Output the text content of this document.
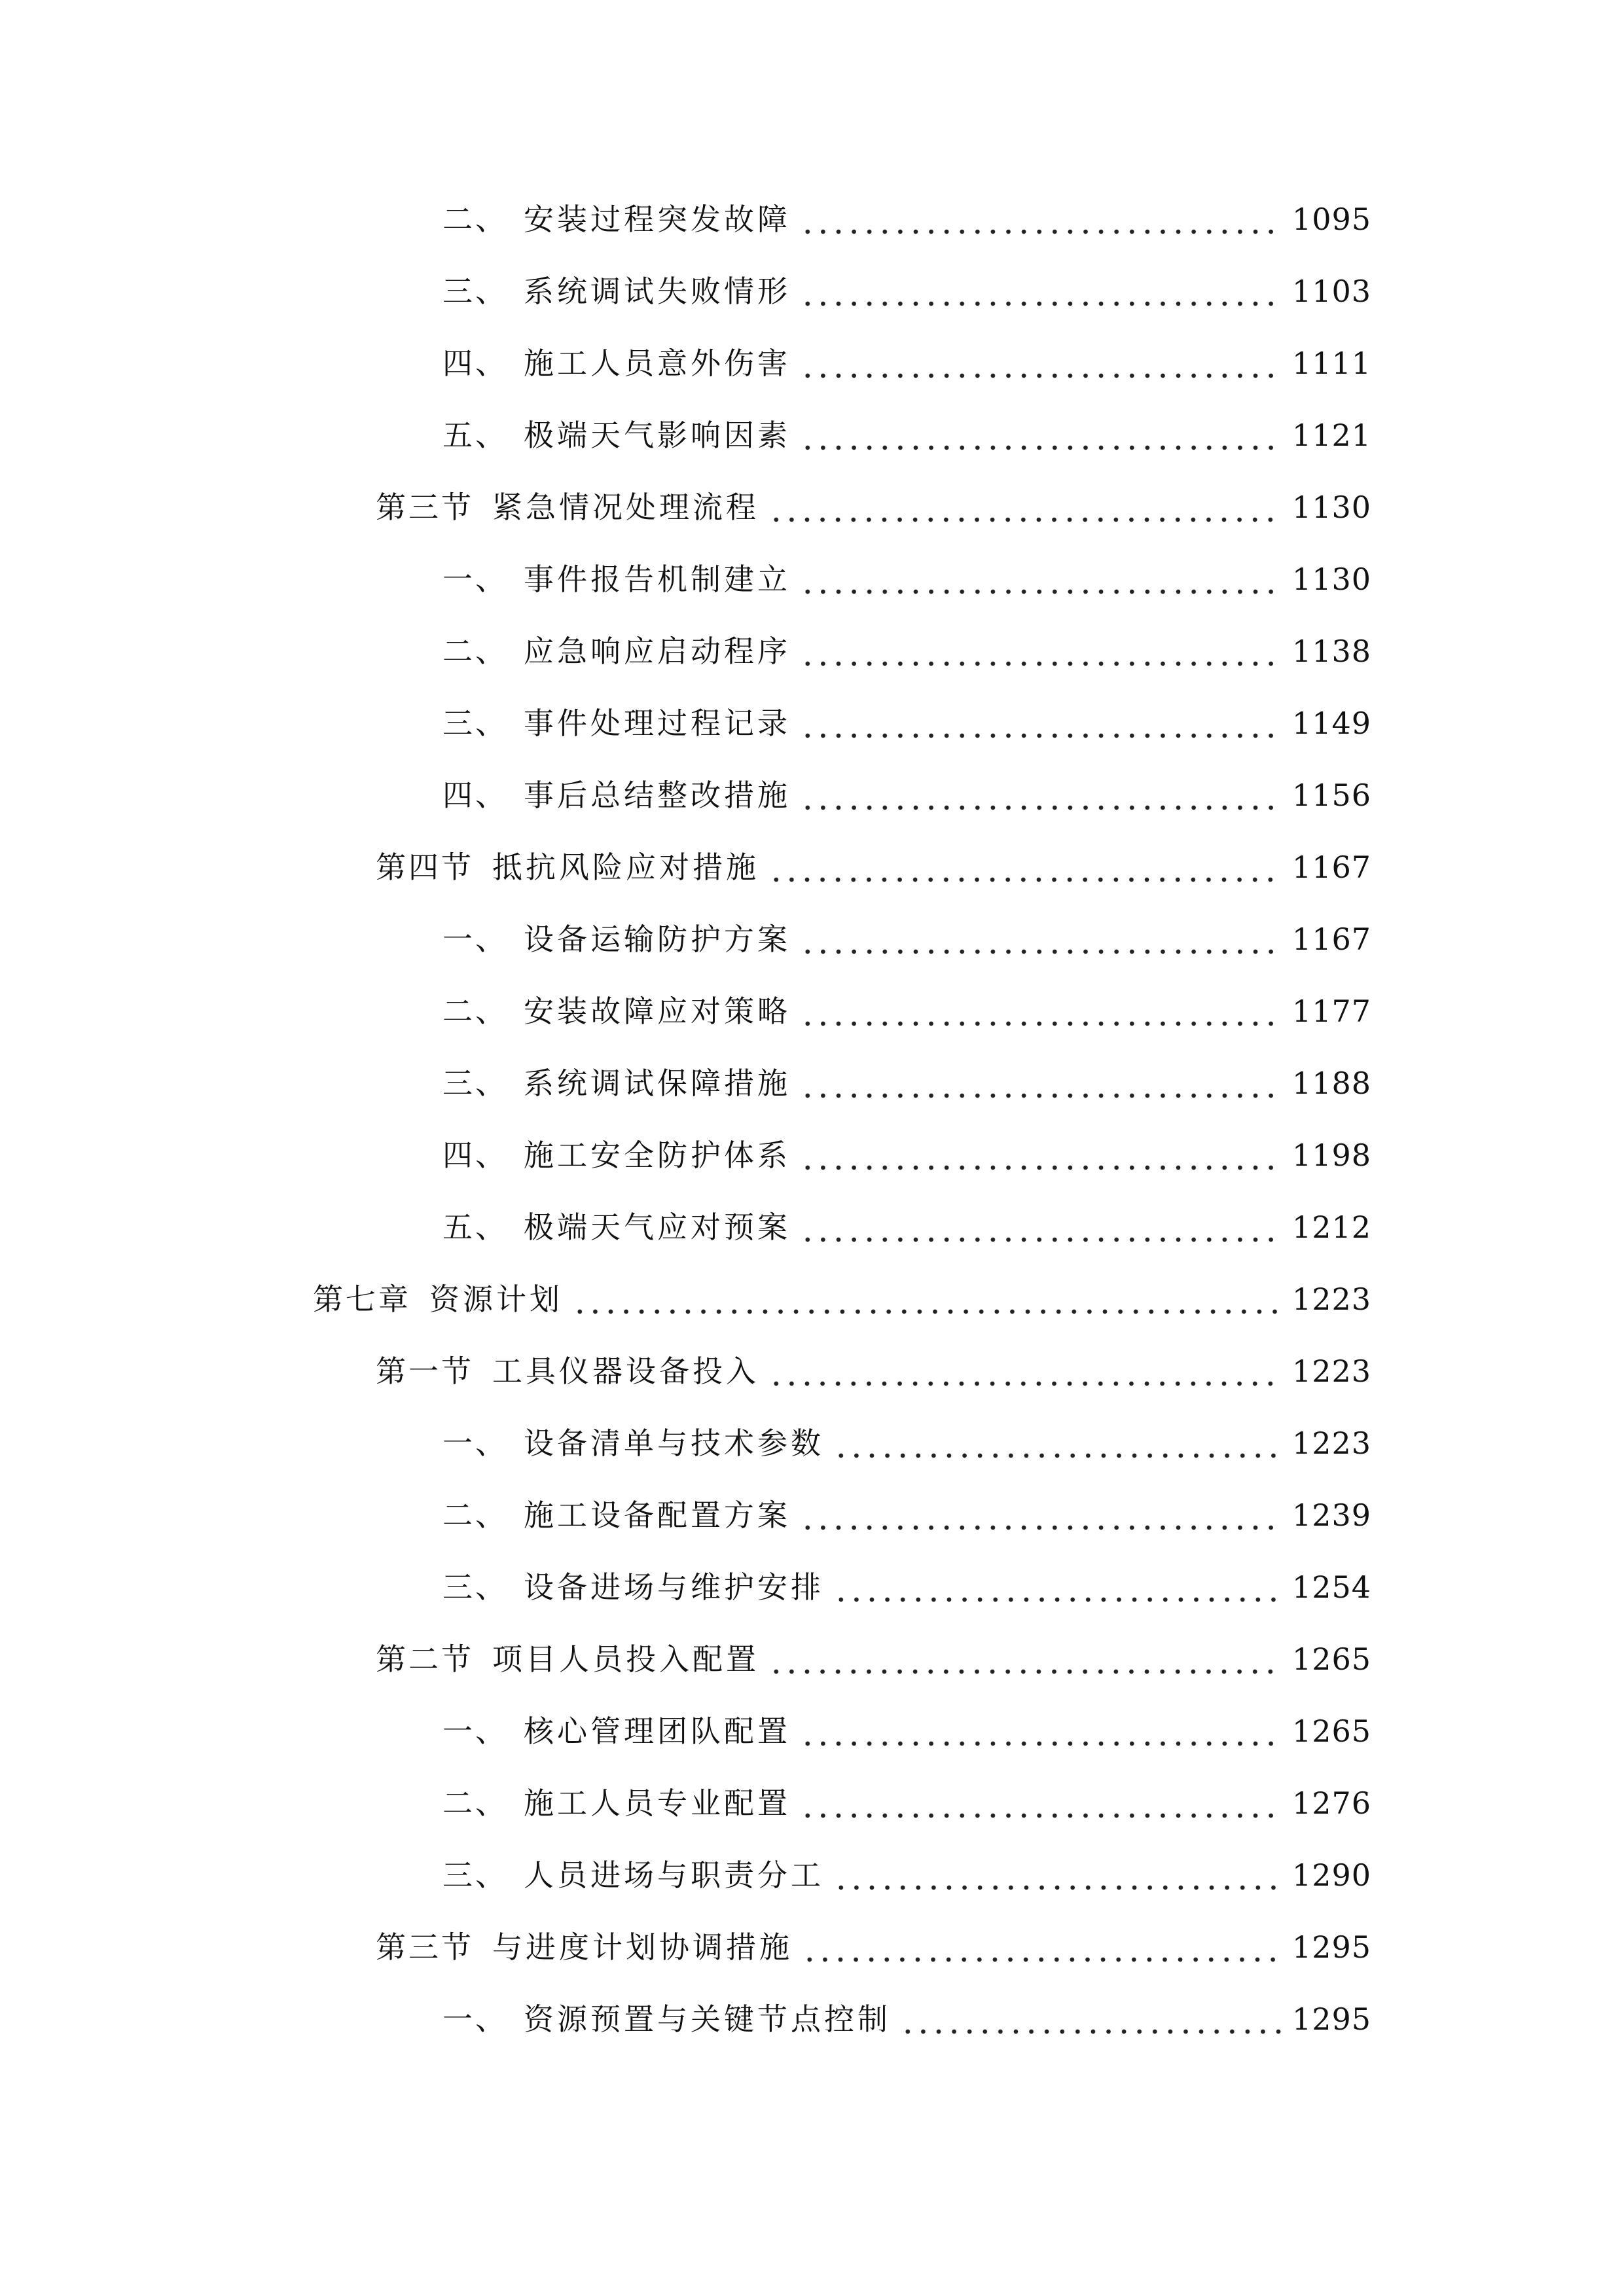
二、 安装过程突发故障	1095
三、 系统调试失败情形	1103
四、 施工人员意外伤害	1111
五、 极端天气影响因素	1121
第三节 紧急情况处理流程	1130
一、 事件报告机制建立	1130
二、 应急响应启动程序	1138
三、 事件处理过程记录	1149
四、 事后总结整改措施	1156
第四节 抵抗风险应对措施	1167
一、 设备运输防护方案	1167
二、 安装故障应对策略	1177
三、 系统调试保障措施	1188
四、 施工安全防护体系	1198
五、 极端天气应对预案	1212
第七章 资源计划	1223
第一节 工具仪器设备投入	1223
一、 设备清单与技术参数	1223
二、 施工设备配置方案	1239
三、 设备进场与维护安排	1254
第二节 项目人员投入配置	1265
一、 核心管理团队配置	1265
二、 施工人员专业配置	1276
三、 人员进场与职责分工	1290
第三节 与进度计划协调措施	1295
一、 资源预置与关键节点控制	1295
